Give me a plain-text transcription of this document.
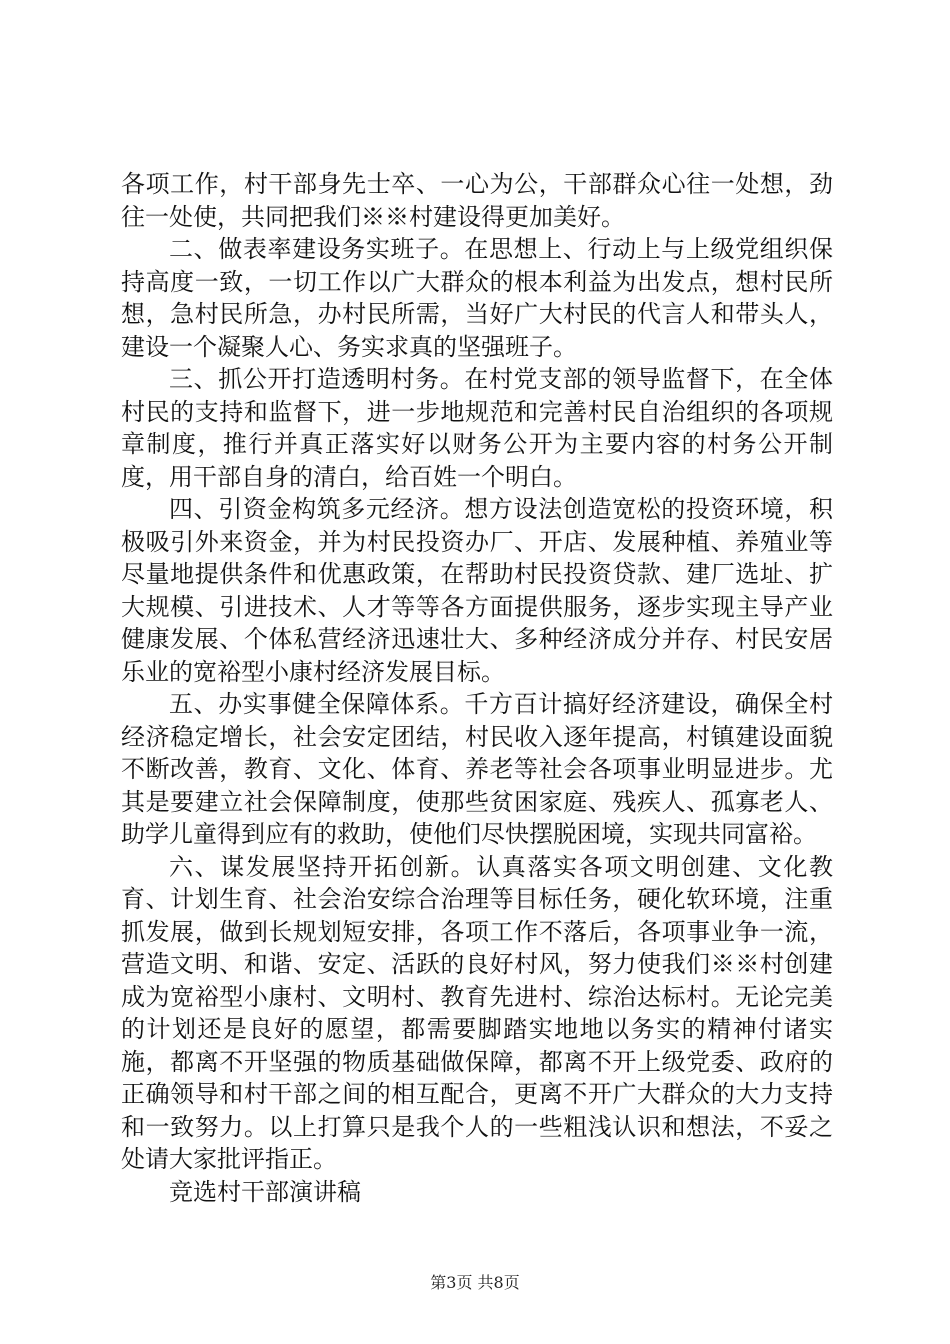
各项工作，村干部身先士卒、一心为公，干部群众心往一处想，劲往一处使，共同把我们※※村建设得更加美好。

二、做表率建设务实班子。在思想上、行动上与上级党组织保持高度一致，一切工作以广大群众的根本利益为出发点，想村民所想，急村民所急，办村民所需，当好广大村民的代言人和带头人，建设一个凝聚人心、务实求真的坚强班子。

三、抓公开打造透明村务。在村党支部的领导监督下，在全体村民的支持和监督下，进一步地规范和完善村民自治组织的各项规章制度，推行并真正落实好以财务公开为主要内容的村务公开制度，用干部自身的清白，给百姓一个明白。

四、引资金构筑多元经济。想方设法创造宽松的投资环境，积极吸引外来资金，并为村民投资办厂、开店、发展种植、养殖业等尽量地提供条件和优惠政策，在帮助村民投资贷款、建厂选址、扩大规模、引进技术、人才等等各方面提供服务，逐步实现主导产业健康发展、个体私营经济迅速壮大、多种经济成分并存、村民安居乐业的宽裕型小康村经济发展目标。

五、办实事健全保障体系。千方百计搞好经济建设，确保全村经济稳定增长，社会安定团结，村民收入逐年提高，村镇建设面貌不断改善，教育、文化、体育、养老等社会各项事业明显进步。尤其是要建立社会保障制度，使那些贫困家庭、残疾人、孤寡老人、助学儿童得到应有的救助，使他们尽快摆脱困境，实现共同富裕。

六、谋发展坚持开拓创新。认真落实各项文明创建、文化教育、计划生育、社会治安综合治理等目标任务，硬化软环境，注重抓发展，做到长规划短安排，各项工作不落后，各项事业争一流，营造文明、和谐、安定、活跃的良好村风，努力使我们※※村创建成为宽裕型小康村、文明村、教育先进村、综治达标村。无论完美的计划还是良好的愿望，都需要脚踏实地地以务实的精神付诸实施，都离不开坚强的物质基础做保障，都离不开上级党委、政府的正确领导和村干部之间的相互配合，更离不开广大群众的大力支持和一致努力。以上打算只是我个人的一些粗浅认识和想法，不妥之处请大家批评指正。

竞选村干部演讲稿

第3页 共8页
